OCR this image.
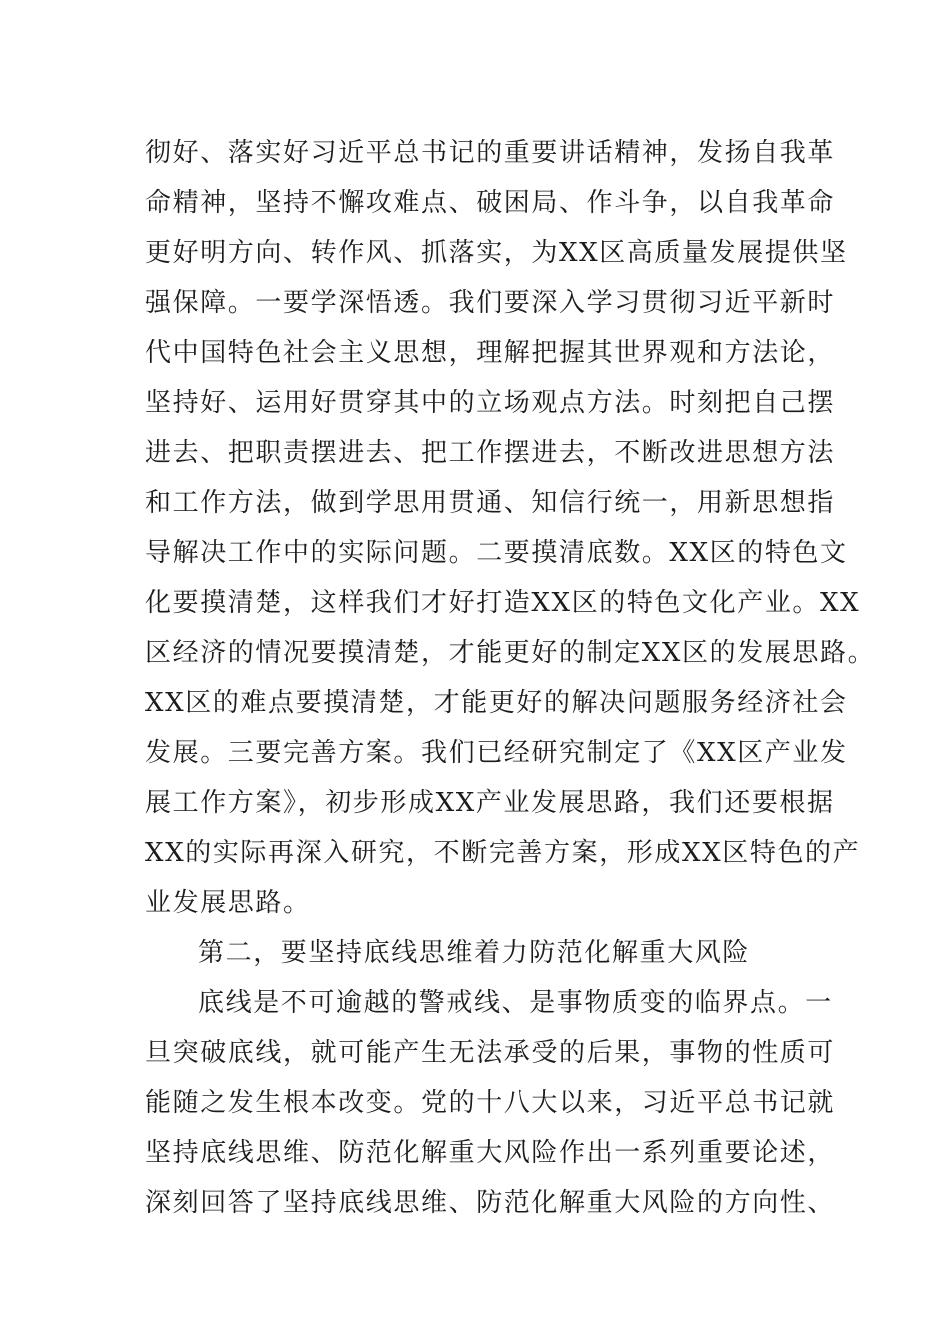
彻好、落实好习近平总书记的重要讲话精神，发扬自我革
命精神，坚持不懈攻难点、破困局、作斗争，以自我革命
更好明方向、转作风、抓落实，为XX区高质量发展提供坚
强保障。一要学深悟透。我们要深入学习贯彻习近平新时
代中国特色社会主义思想，理解把握其世界观和方法论，
坚持好、运用好贯穿其中的立场观点方法。时刻把自己摆
进去、把职责摆进去、把工作摆进去，不断改进思想方法
和工作方法，做到学思用贯通、知信行统一，用新思想指
导解决工作中的实际问题。二要摸清底数。XX区的特色文
化要摸清楚，这样我们才好打造XX区的特色文化产业。XX
区经济的情况要摸清楚，才能更好的制定XX区的发展思路。
XX区的难点要摸清楚，才能更好的解决问题服务经济社会
发展。三要完善方案。我们已经研究制定了《XX区产业发
展工作方案》，初步形成XX产业发展思路，我们还要根据
XX的实际再深入研究，不断完善方案，形成XX区特色的产
业发展思路。
第二，要坚持底线思维着力防范化解重大风险
底线是不可逾越的警戒线、是事物质变的临界点。一
旦突破底线，就可能产生无法承受的后果，事物的性质可
能随之发生根本改变。党的十八大以来，习近平总书记就
坚持底线思维、防范化解重大风险作出一系列重要论述，
深刻回答了坚持底线思维、防范化解重大风险的方向性、
